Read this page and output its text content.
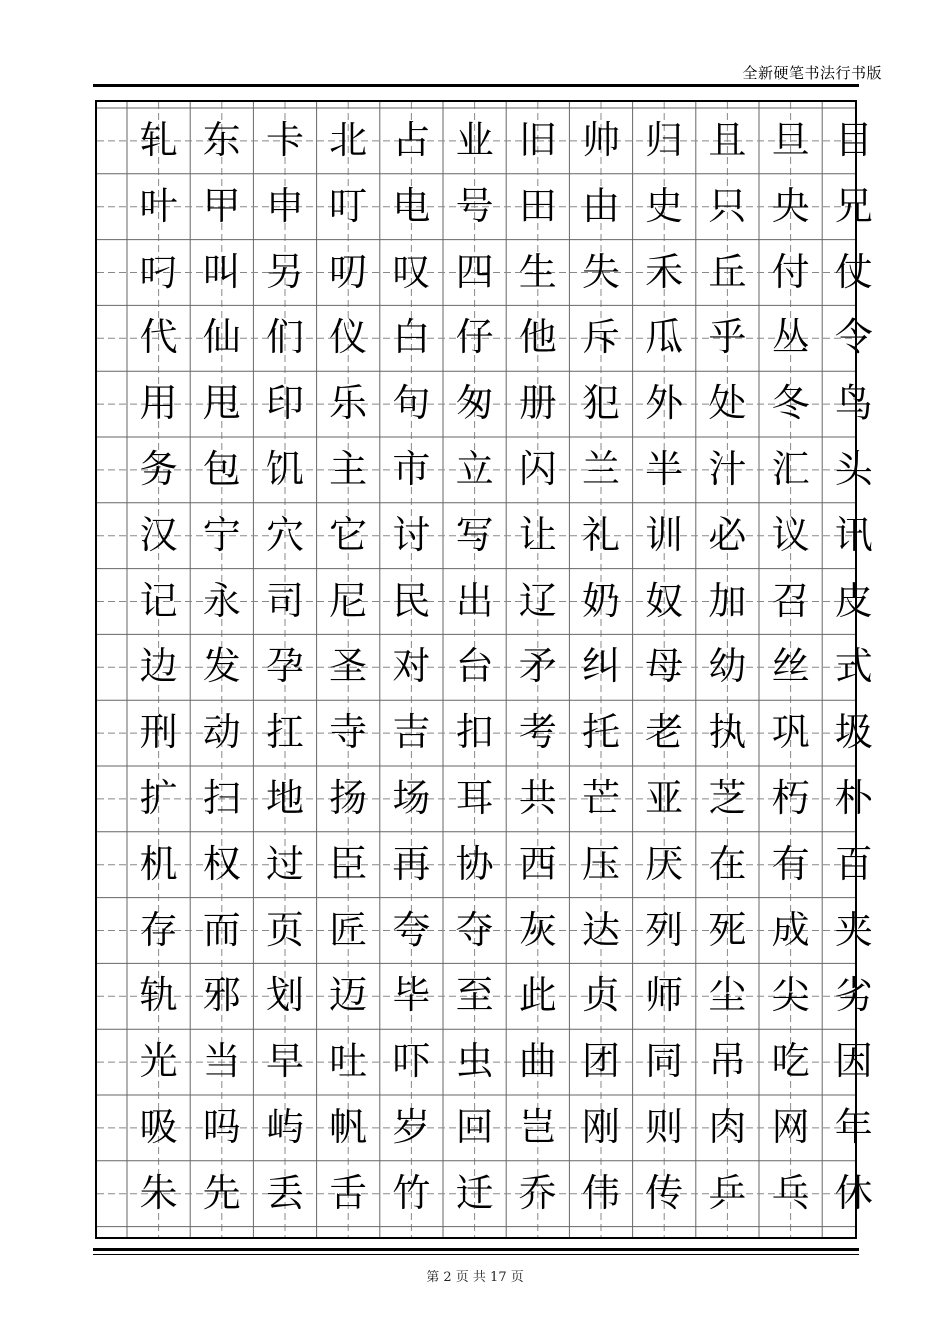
全新硬笔书法行书版
轧 东 卡 北 占 业 旧 帅 归 且 旦 目
叶 甲 申 叮 电 号 田 由 史 只 央 兄
叼 叫 另 叨 叹 四 生 失 禾 丘 付 仗
代 仙 们 仪 白 仔 他 斥 瓜 乎 丛 令
用 甩 印 乐 句 匆 册 犯 外 处 冬 鸟
务 包 饥 主 市 立 闪 兰 半 汁 汇 头
汉 宁 穴 它 讨 写 让 礼 训 必 议 讯
记 永 司 尼 民 出 辽 奶 奴 加 召 皮
边 发 孕 圣 对 台 矛 纠 母 幼 丝 式
刑 动 扛 寺 吉 扣 考 托 老 执 巩 圾
扩 扫 地 扬 场 耳 共 芒 亚 芝 朽 朴
机 权 过 臣 再 协 西 压 厌 在 有 百
存 而 页 匠 夸 夺 灰 达 列 死 成 夹
轨 邪 划 迈 毕 至 此 贞 师 尘 尖 劣
光 当 早 吐 吓 虫 曲 团 同 吊 吃 因
吸 吗 屿 帆 岁 回 岂 刚 则 肉 网 年
朱 先 丢 舌 竹 迁 乔 伟 传 乒 乓 休
第 2 页 共 17 页
